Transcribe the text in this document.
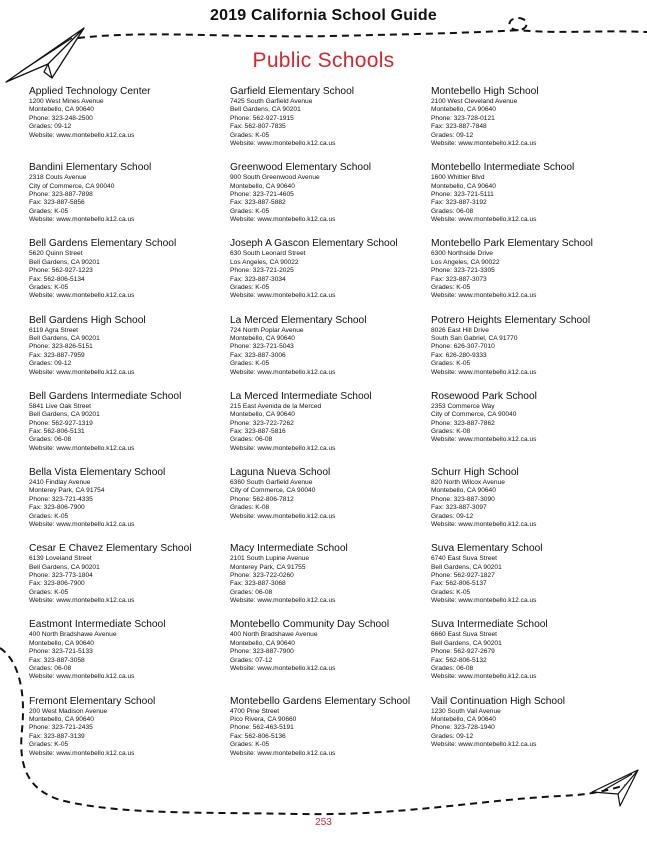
2019 California School Guide
Public Schools
Applied Technology Center
1200 West Mines Avenue
Montebello, CA 90640
Phone: 323-248-2500
Grades: 09-12
Website: www.montebello.k12.ca.us
Bandini Elementary School
2318 Couts Avenue
City of Commerce, CA 90040
Phone: 323-887-7898
Fax: 323-887-5856
Grades: K-05
Website: www.montebello.k12.ca.us
Bell Gardens Elementary School
5620 Quinn Street
Bell Gardens, CA 90201
Phone: 562-927-1223
Fax: 562-806-5134
Grades: K-05
Website: www.montebello.k12.ca.us
Bell Gardens High School
6119 Agra Street
Bell Gardens, CA 90201
Phone: 323-826-5151
Fax: 323-887-7959
Grades: 09-12
Website: www.montebello.k12.ca.us
Bell Gardens Intermediate School
5841 Live Oak Street
Bell Gardens, CA 90201
Phone: 562-927-1319
Fax: 562-806-5131
Grades: 06-08
Website: www.montebello.k12.ca.us
Bella Vista Elementary School
2410 Findlay Avenue
Monterey Park, CA 91754
Phone: 323-721-4335
Fax: 323-806-7900
Grades: K-05
Website: www.montebello.k12.ca.us
Cesar E Chavez Elementary School
6139 Loveland Street
Bell Gardens, CA 90201
Phone: 323-773-1804
Fax: 323-806-7900
Grades: K-05
Website: www.montebello.k12.ca.us
Eastmont Intermediate School
400 North Bradshawe Avenue
Montebello, CA 90640
Phone: 323-721-5133
Fax: 323-887-3058
Grades: 06-08
Website: www.montebello.k12.ca.us
Fremont Elementary School
200 West Madison Avenue
Montebello, CA 90640
Phone: 323-721-2435
Fax: 323-887-3139
Grades: K-05
Website: www.montebello.k12.ca.us
Garfield Elementary School
7425 South Garfield Avenue
Bell Gardens, CA 90201
Phone: 562-927-1915
Fax: 562-807-7835
Grades: K-05
Website: www.montebello.k12.ca.us
Greenwood Elementary School
900 South Greenwood Avenue
Montebello, CA 90640
Phone: 323-721-4605
Fax: 323-887-5882
Grades: K-05
Website: www.montebello.k12.ca.us
Joseph A Gascon Elementary School
630 South Leonard Street
Los Angeles, CA 90022
Phone: 323-721-2025
Fax: 323-887-3034
Grades: K-05
Website: www.montebello.k12.ca.us
La Merced Elementary School
724 North Poplar Avenue
Montebello, CA 90640
Phone: 323-721-5043
Fax: 323-887-3006
Grades: K-05
Website: www.montebello.k12.ca.us
La Merced Intermediate School
215 East Avenida de la Merced
Montebello, CA 90640
Phone: 323-722-7262
Fax: 323-887-5816
Grades: 06-08
Website: www.montebello.k12.ca.us
Laguna Nueva School
6360 South Garfield Avenue
City of Commerce, CA 90040
Phone: 562-806-7812
Grades: K-08
Website: www.montebello.k12.ca.us
Macy Intermediate School
2101 South Lupine Avenue
Monterey Park, CA 91755
Phone: 323-722-0260
Fax: 323-887-3068
Grades: 06-08
Website: www.montebello.k12.ca.us
Montebello Community Day School
400 North Bradshawe Avenue
Montebello, CA 90640
Phone: 323-887-7900
Grades: 07-12
Website: www.montebello.k12.ca.us
Montebello Gardens Elementary School
4700 Pine Street
Pico Rivera, CA 90660
Phone: 562-463-5191
Fax: 562-806-5136
Grades: K-05
Website: www.montebello.k12.ca.us
Montebello High School
2100 West Cleveland Avenue
Montebello, CA 90640
Phone: 323-728-0121
Fax: 323-887-7848
Grades: 09-12
Website: www.montebello.k12.ca.us
Montebello Intermediate School
1600 Whittier Blvd
Montebello, CA 90640
Phone: 323-721-5111
Fax: 323-887-3192
Grades: 06-08
Website: www.montebello.k12.ca.us
Montebello Park Elementary School
6300 Northside Drive
Los Angeles, CA 90022
Phone: 323-721-3305
Fax: 323-887-3073
Grades: K-05
Website: www.montebello.k12.ca.us
Potrero Heights Elementary School
8026 East Hill Drive
South San Gabriel, CA 91770
Phone: 626-307-7010
Fax: 626-280-9333
Grades: K-05
Website: www.montebello.k12.ca.us
Rosewood Park School
2353 Commerce Way
City of Commerce, CA 90040
Phone: 323-887-7862
Grades: K-08
Website: www.montebello.k12.ca.us
Schurr High School
820 North Wilcox Avenue
Montebello, CA 90640
Phone: 323-887-3090
Fax: 323-887-3097
Grades: 09-12
Website: www.montebello.k12.ca.us
Suva Elementary School
6740 East Suva Street
Bell Gardens, CA 90201
Phone: 562-927-1827
Fax: 562-806-5137
Grades: K-05
Website: www.montebello.k12.ca.us
Suva Intermediate School
6660 East Suva Street
Bell Gardens, CA 90201
Phone: 562-927-2679
Fax: 562-806-5132
Grades: 06-08
Website: www.montebello.k12.ca.us
Vail Continuation High School
1230 South Vail Avenue
Montebello, CA 90640
Phone: 323-728-1940
Grades: 09-12
Website: www.montebello.k12.ca.us
253
